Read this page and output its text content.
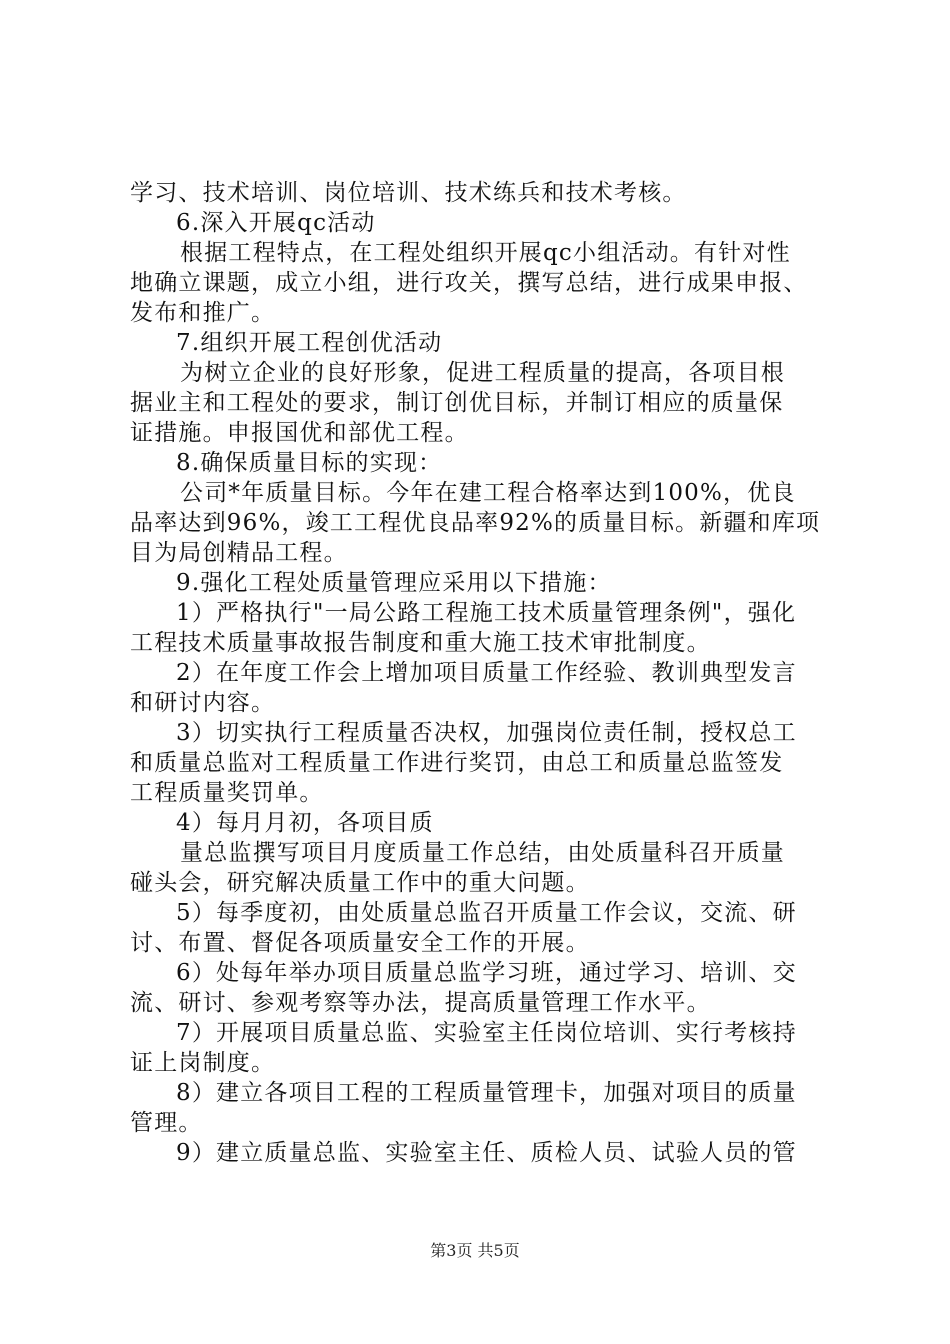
学习、技术培训、岗位培训、技术练兵和技术考核。
6.深入开展qc活动
根据工程特点，在工程处组织开展qc小组活动。有针对性
地确立课题，成立小组，进行攻关，撰写总结，进行成果申报、
发布和推广。
7.组织开展工程创优活动
为树立企业的良好形象，促进工程质量的提高，各项目根
据业主和工程处的要求，制订创优目标，并制订相应的质量保
证措施。申报国优和部优工程。
8.确保质量目标的实现：
公司*年质量目标。今年在建工程合格率达到100%，优良
品率达到96%，竣工工程优良品率92%的质量目标。新疆和库项
目为局创精品工程。
9.强化工程处质量管理应采用以下措施：
1）严格执行"一局公路工程施工技术质量管理条例"，强化
工程技术质量事故报告制度和重大施工技术审批制度。
2）在年度工作会上增加项目质量工作经验、教训典型发言
和研讨内容。
3）切实执行工程质量否决权，加强岗位责任制，授权总工
和质量总监对工程质量工作进行奖罚，由总工和质量总监签发
工程质量奖罚单。
4）每月月初，各项目质
量总监撰写项目月度质量工作总结，由处质量科召开质量
碰头会，研究解决质量工作中的重大问题。
5）每季度初，由处质量总监召开质量工作会议，交流、研
讨、布置、督促各项质量安全工作的开展。
6）处每年举办项目质量总监学习班，通过学习、培训、交
流、研讨、参观考察等办法，提高质量管理工作水平。
7）开展项目质量总监、实验室主任岗位培训、实行考核持
证上岗制度。
8）建立各项目工程的工程质量管理卡，加强对项目的质量
管理。
9）建立质量总监、实验室主任、质检人员、试验人员的管
第3页 共5页
